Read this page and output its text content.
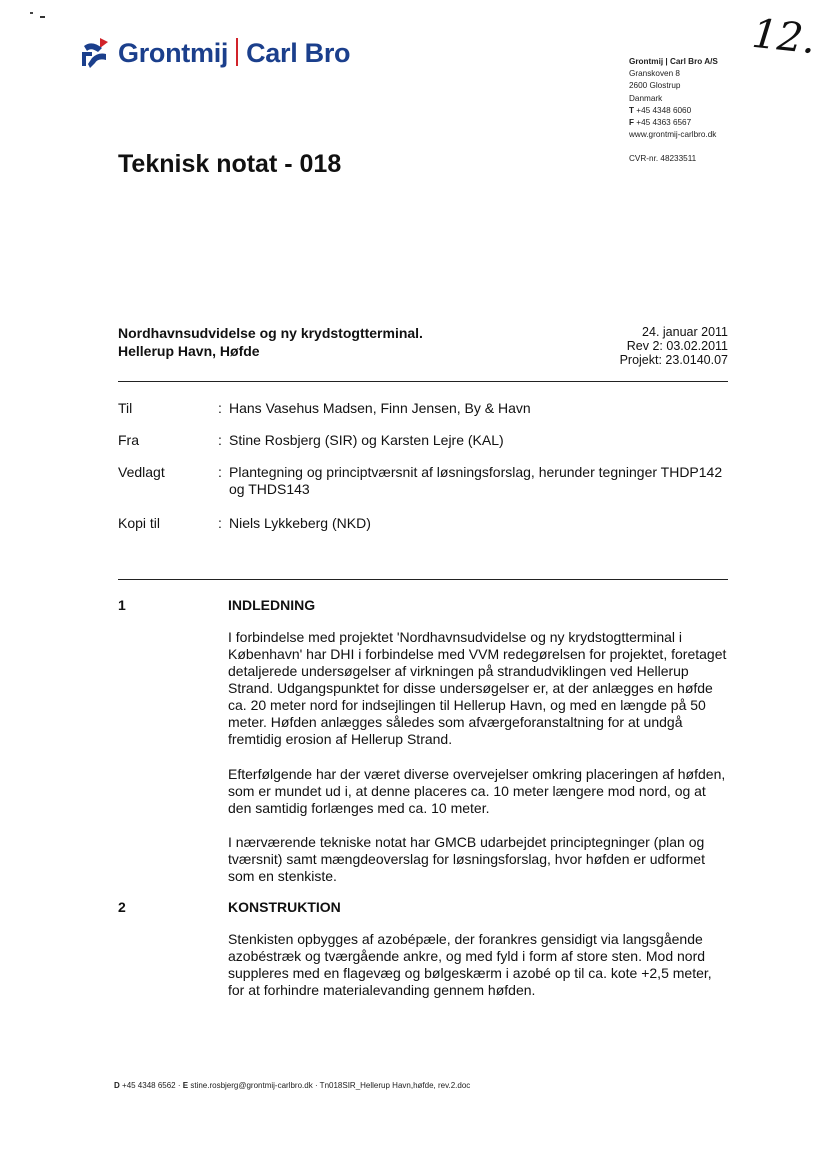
Grontmij Carl Bro	12.
Grontmij | Carl Bro A/S
Granskoven 8
2600 Glostrup
Danmark
T +45 4348 6060
F +45 4363 6567
www.grontmij-carlbro.dk
CVR-nr. 48233511
Teknisk notat - 018
Nordhavnsudvidelse og ny krydstogtterminal.
Hellerup Havn, Høfde
24. januar 2011
Rev 2: 03.02.2011
Projekt: 23.0140.07
Til	: Hans Vasehus Madsen, Finn Jensen, By & Havn
Fra	: Stine Rosbjerg (SIR) og Karsten Lejre (KAL)
Vedlagt	: Plantegning og principtværsnit af løsningsforslag, herunder tegninger THDP142 og THDS143
Kopi til	: Niels Lykkeberg (NKD)
1	INDLEDNING
I forbindelse med projektet 'Nordhavnsudvidelse og ny krydstogtterminal i København' har DHI i forbindelse med VVM redegørelsen for projektet, foretaget detaljerede undersøgelser af virkningen på strandudviklingen ved Hellerup Strand. Udgangspunktet for disse undersøgelser er, at der anlægges en høfde ca. 20 meter nord for indsejlingen til Hellerup Havn, og med en længde på 50 meter. Høfden anlægges således som afværgeforanstaltning for at undgå fremtidig erosion af Hellerup Strand.
Efterfølgende har der været diverse overvejelser omkring placeringen af høfden, som er mundet ud i, at denne placeres ca. 10 meter længere mod nord, og at den samtidig forlænges med ca. 10 meter.
I nærværende tekniske notat har GMCB udarbejdet principtegninger (plan og tværsnit) samt mængdeoverslag for løsningsforslag, hvor høfden er udformet som en stenkiste.
2	KONSTRUKTION
Stenkisten opbygges af azobépæle, der forankres gensidigt via langsgående azobéstræk og tværgående ankre, og med fyld i form af store sten. Mod nord suppleres med en flagevæg og bølgeskærm i azobé op til ca. kote +2,5 meter, for at forhindre materialevanding gennem høfden.
D +45 4348 6562 · E stine.rosbjerg@grontmij-carlbro.dk · Tn018SIR_Hellerup Havn,høfde, rev.2.doc
